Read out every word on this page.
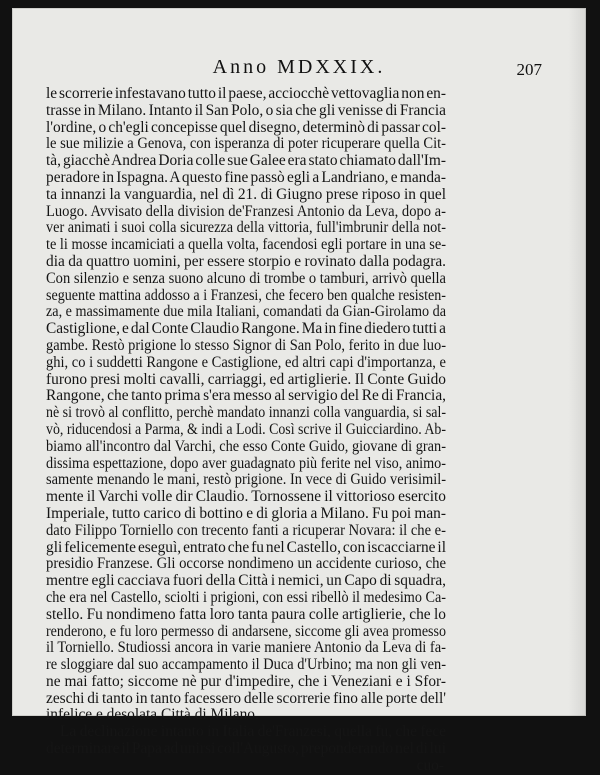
Anno MDXXIX.	207
le scorrerie infestavano tutto il paese, acciocchè vettovaglia non en-
trasse in Milano. Intanto il San Polo, o sia che gli venisse di Francia
l'ordine, o ch'egli concepisse quel disegno, determinò di passar col-
le sue milizie a Genova, con isperanza di poter ricuperare quella Cit-
tà, giacchè Andrea Doria colle sue Galee era stato chiamato dall'Im-
peradore in Ispagna. A questo fine passò egli a Landriano, e manda-
ta innanzi la vanguardia, nel dì 21. di Giugno prese riposo in quel
Luogo. Avvisato della division de'Franzesi Antonio da Leva, dopo a-
ver animati i suoi colla sicurezza della vittoria, full'imbrunir della not-
te li mosse incamiciati a quella volta, facendosi egli portare in una se-
dia da quattro uomini, per essere storpio e rovinato dalla podagra.
Con silenzio e senza suono alcuno di trombe o tamburi, arrivò quella
seguente mattina addosso a i Franzesi, che fecero ben qualche resisten-
za, e massimamente due mila Italiani, comandati da Gian-Girolamo da
Castiglione, e dal Conte Claudio Rangone. Ma in fine diedero tutti a
gambe. Restò prigione lo stesso Signor di San Polo, ferito in due luo-
ghi, co i suddetti Rangone e Castiglione, ed altri capi d'importanza, e
furono presi molti cavalli, carriaggi, ed artiglierie. Il Conte Guido
Rangone, che tanto prima s'era messo al servigio del Re di Francia,
nè si trovò al conflitto, perchè mandato innanzi colla vanguardia, si sal-
vò, riducendosi a Parma, & indi a Lodi. Così scrive il Guicciardino. Ab-
biamo all'incontro dal Varchi, che esso Conte Guido, giovane di gran-
dissima espettazione, dopo aver guadagnato più ferite nel viso, animo-
samente menando le mani, restò prigione. In vece di Guido verisimil-
mente il Varchi volle dir Claudio. Tornossene il vittorioso esercito
Imperiale, tutto carico di bottino e di gloria a Milano. Fu poi man-
dato Filippo Torniello con trecento fanti a ricuperar Novara: il che e-
gli felicemente eseguì, entrato che fu nel Castello, con iscacciarne il
presidio Franzese. Gli occorse nondimeno un accidente curioso, che
mentre egli cacciava fuori della Città i nemici, un Capo di squadra,
che era nel Castello, sciolti i prigioni, con essi ribellò il medesimo Ca-
stello. Fu nondimeno fatta loro tanta paura colle artiglierie, che lo
renderono, e fu loro permesso di andarsene, siccome gli avea promesso
il Torniello. Studiossi ancora in varie maniere Antonio da Leva di fa-
re sloggiare dal suo accampamento il Duca d'Urbino; ma non gli ven-
ne mai fatto; siccome nè pur d'impedire, che i Veneziani e i Sfor-
zeschi di tanto in tanto facessero delle scorrerie fino alle porte dell'
infelice e desolata Città di Milano.
La declinazione intanto in Italia de'Franzesi, quella fu, che fece
determinare il Papa ad unirsi coll'Augusto, preponderando nel di lui
cuo-
